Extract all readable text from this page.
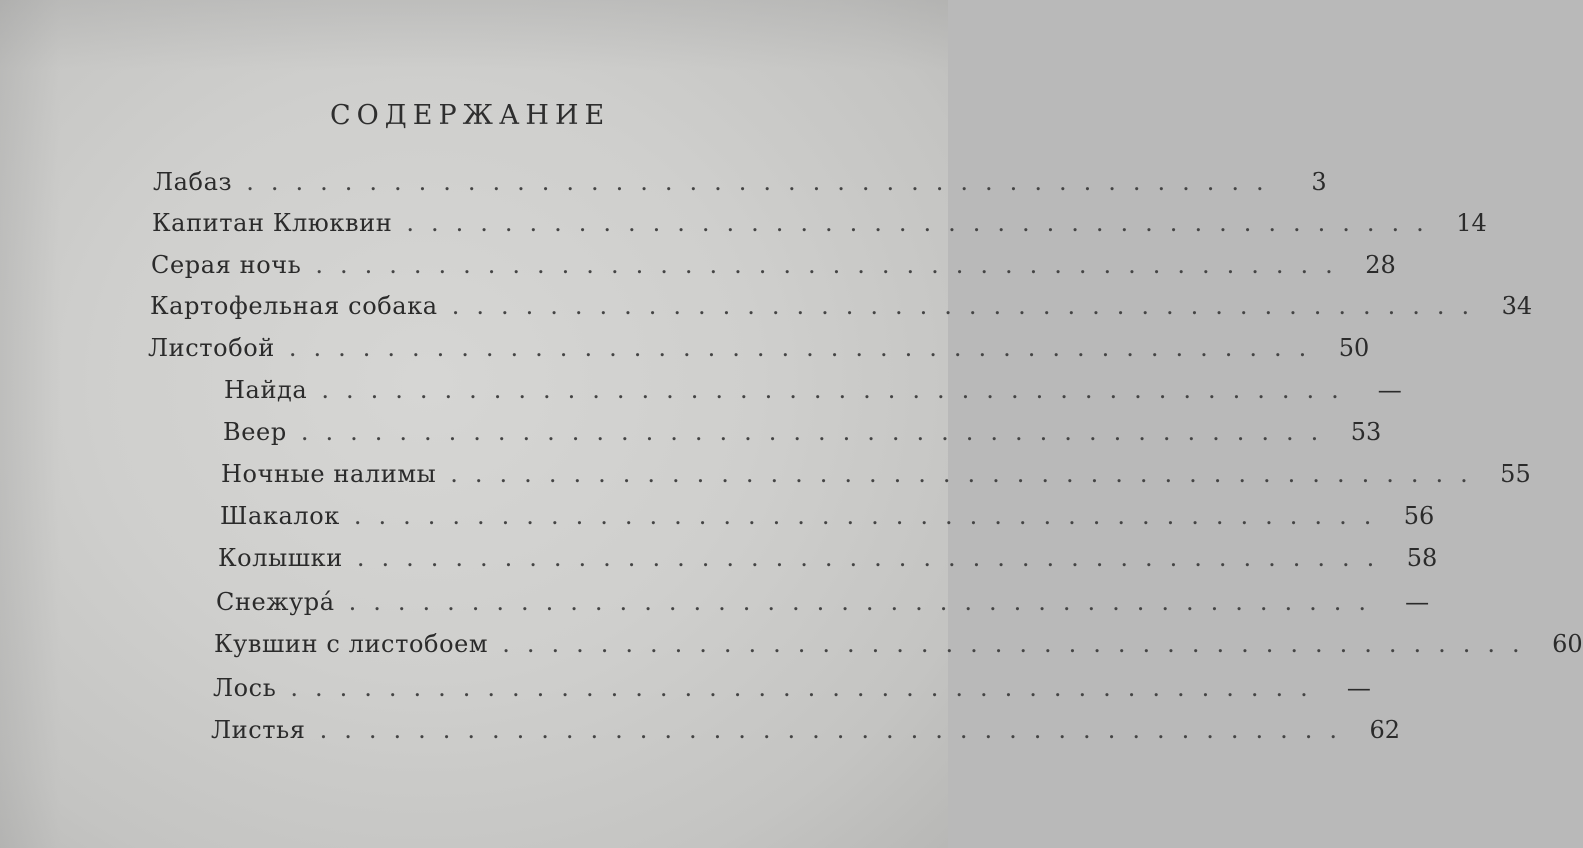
СОДЕРЖАНИЕ
Лабаз ..........................................	3
Капитан Клюквин .......................................... 14
Серая ночь .......................................... 28
Картофельная собака .......................................... 34
Листобой .......................................... 50
Найда .......................................... —
Веер .......................................... 53
Ночные налимы .......................................... 55
Шакалок .......................................... 56
Колышки .......................................... 58
Снежура́ .......................................... —
Кувшин с листобоем .......................................... 60
Лось .......................................... —
Листья .......................................... 62
